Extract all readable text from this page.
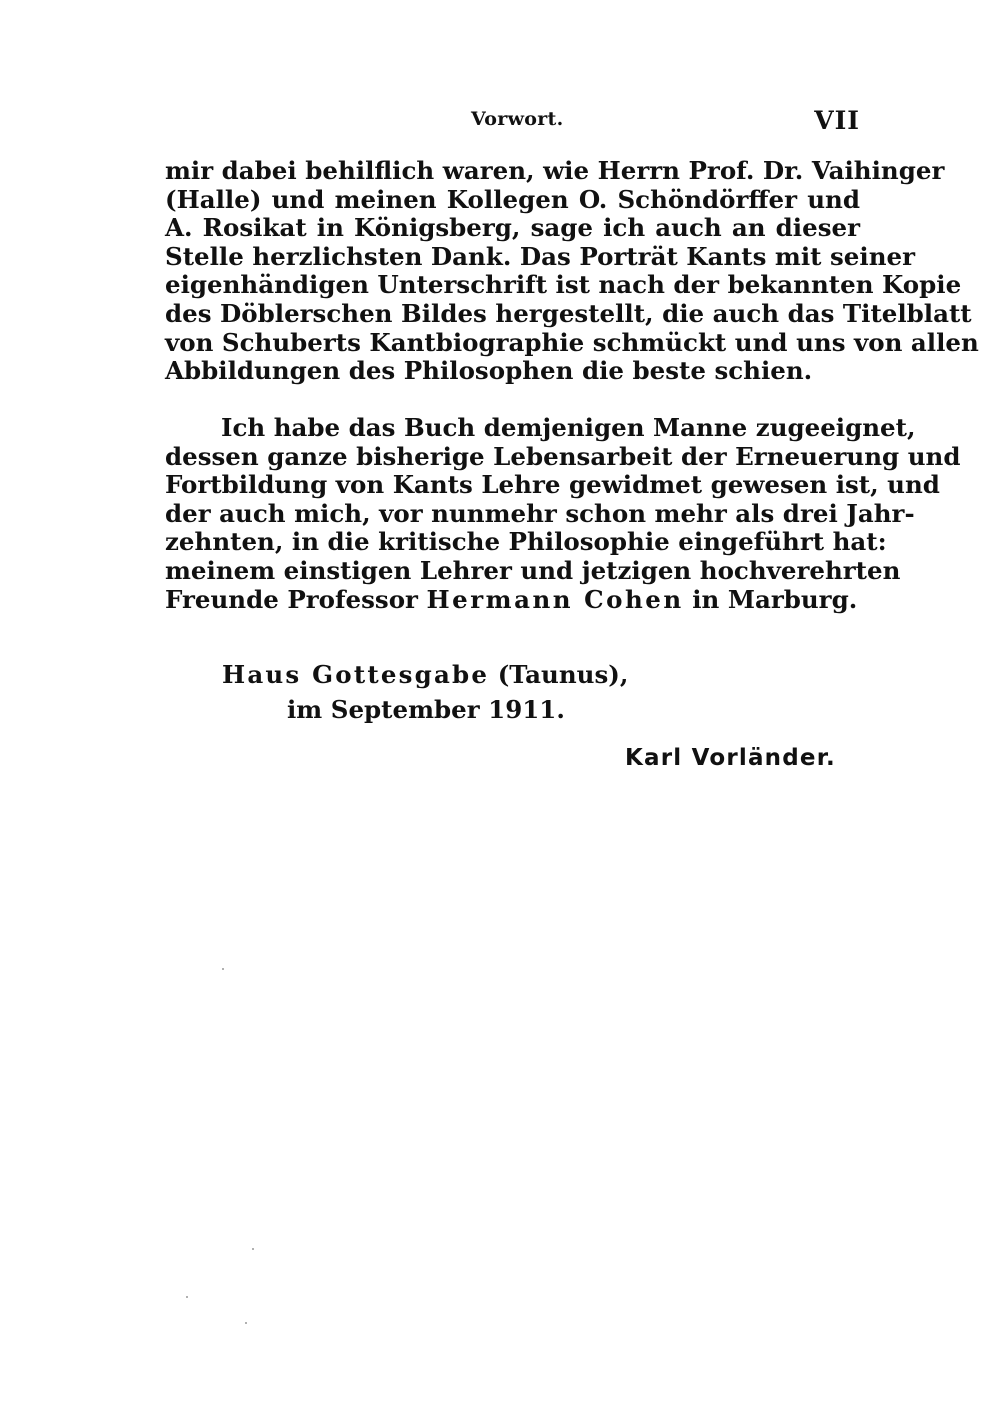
Vorwort.	VII
mir dabei behilflich waren, wie Herrn Prof. Dr. Vaihinger
(Halle) und meinen Kollegen O. Schöndörffer und
A. Rosikat in Königsberg, sage ich auch an dieser
Stelle herzlichsten Dank. Das Porträt Kants mit seiner
eigenhändigen Unterschrift ist nach der bekannten Kopie
des Döblerschen Bildes hergestellt, die auch das Titelblatt
von Schuberts Kantbiographie schmückt und uns von allen
Abbildungen des Philosophen die beste schien.
Ich habe das Buch demjenigen Manne zugeeignet,
dessen ganze bisherige Lebensarbeit der Erneuerung und
Fortbildung von Kants Lehre gewidmet gewesen ist, und
der auch mich, vor nunmehr schon mehr als drei Jahr-
zehnten, in die kritische Philosophie eingeführt hat:
meinem einstigen Lehrer und jetzigen hochverehrten
Freunde Professor Hermann Cohen in Marburg.
Haus Gottesgabe (Taunus),
im September 1911.
Karl Vorländer.
